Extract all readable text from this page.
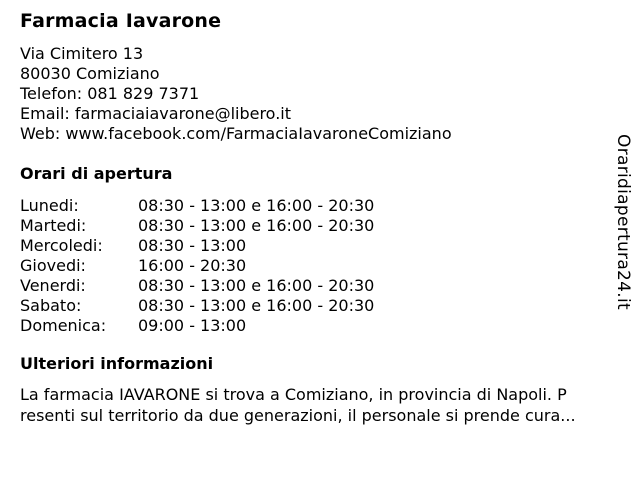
Farmacia Iavarone
Via Cimitero 13
80030 Comiziano
Telefon: 081 829 7371
Email: farmaciaiavarone@libero.it
Web: www.facebook.com/FarmaciaIavaroneComiziano
Orari di apertura
Lunedi:	08:30 - 13:00 e 16:00 - 20:30
Martedi:	08:30 - 13:00 e 16:00 - 20:30
Mercoledi:	08:30 - 13:00
Giovedi:	16:00 - 20:30
Venerdi:	08:30 - 13:00 e 16:00 - 20:30
Sabato:	08:30 - 13:00 e 16:00 - 20:30
Domenica:	09:00 - 13:00
Ulteriori informazioni
La farmacia IAVARONE si trova a Comiziano, in provincia di Napoli. P
resenti sul territorio da due generazioni, il personale si prende cura...
Oraridiapertura24.it
